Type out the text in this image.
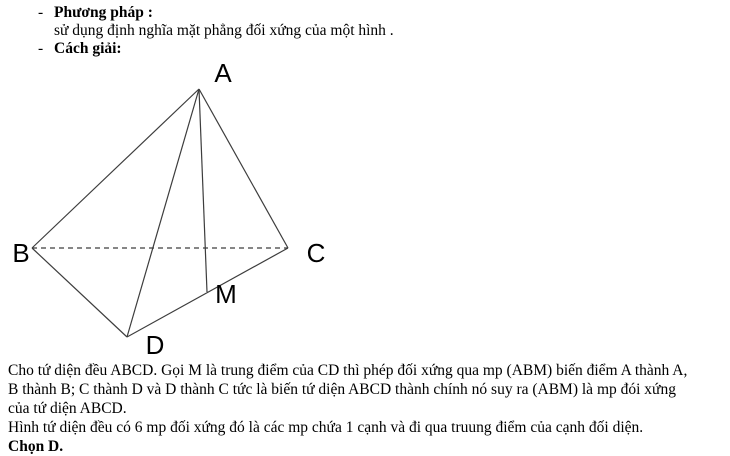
- Phương pháp :
sử dụng định nghĩa mặt phẳng đối xứng của một hình .
- Cách giải:
A
B	C
D
M
Cho tứ diện đều ABCD. Gọi M là trung điểm của CD thì phép đối xứng qua mp (ABM) biến điểm A thành A,
B thành B; C thành D và D thành C tức là biến tứ diện ABCD thành chính nó suy ra (ABM) là mp đói xứng
của tứ diện ABCD.
Hình tứ diện đều có 6 mp đối xứng đó là các mp chứa 1 cạnh và đi qua truung điểm của cạnh đối diện.
Chọn D.
